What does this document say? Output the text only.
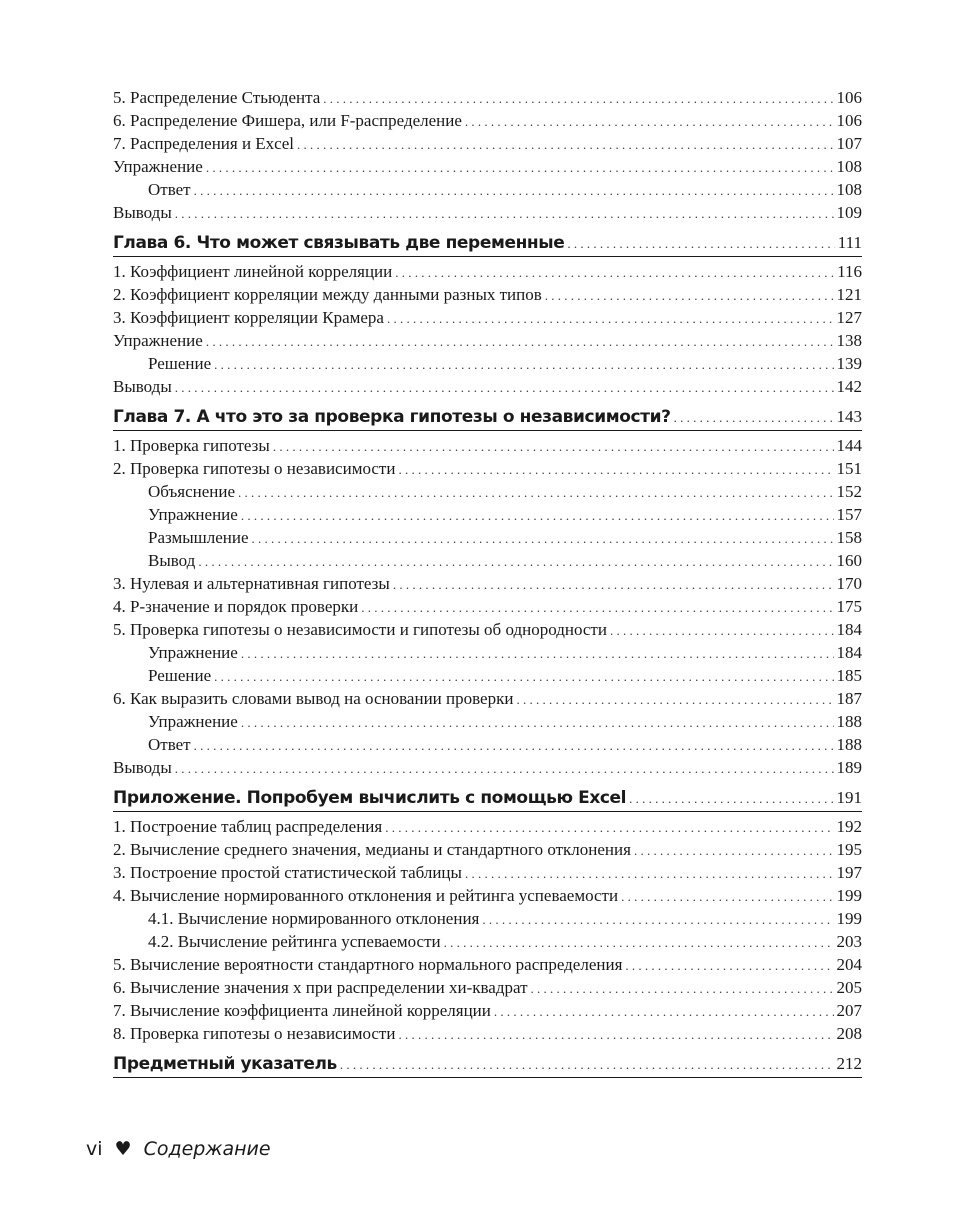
5. Распределение Стьюдента . . .	106
6. Распределение Фишера, или F-распределение . . .	106
7. Распределения и Excel . . .	107
Упражнение . . .	108
Ответ . . .	108
Выводы . . .	109
Глава 6. Что может связывать две переменные . . .	111
1. Коэффициент линейной корреляции . . .	116
2. Коэффициент корреляции между данными разных типов . . .	121
3. Коэффициент корреляции Крамера . . .	127
Упражнение . . .	138
Решение . . .	139
Выводы . . .	142
Глава 7. А что это за проверка гипотезы о независимости? . . .	143
1. Проверка гипотезы . . .	144
2. Проверка гипотезы о независимости . . .	151
Объяснение . . .	152
Упражнение . . .	157
Размышление . . .	158
Вывод . . .	160
3. Нулевая и альтернативная гипотезы . . .	170
4. P-значение и порядок проверки . . .	175
5. Проверка гипотезы о независимости и гипотезы об однородности . . .	184
Упражнение . . .	184
Решение . . .	185
6. Как выразить словами вывод на основании проверки . . .	187
Упражнение . . .	188
Ответ . . .	188
Выводы . . .	189
Приложение. Попробуем вычислить с помощью Excel . . .	191
1. Построение таблиц распределения . . .	192
2. Вычисление среднего значения, медианы и стандартного отклонения . . .	195
3. Построение простой статистической таблицы . . .	197
4. Вычисление нормированного отклонения и рейтинга успеваемости . . .	199
4.1. Вычисление нормированного отклонения . . .	199
4.2. Вычисление рейтинга успеваемости . . .	203
5. Вычисление вероятности стандартного нормального распределения . . .	204
6. Вычисление значения х при распределении хи-квадрат . . .	205
7. Вычисление коэффициента линейной корреляции . . .	207
8. Проверка гипотезы о независимости . . .	208
Предметный указатель . . .	212
vi ♥ Содержание
